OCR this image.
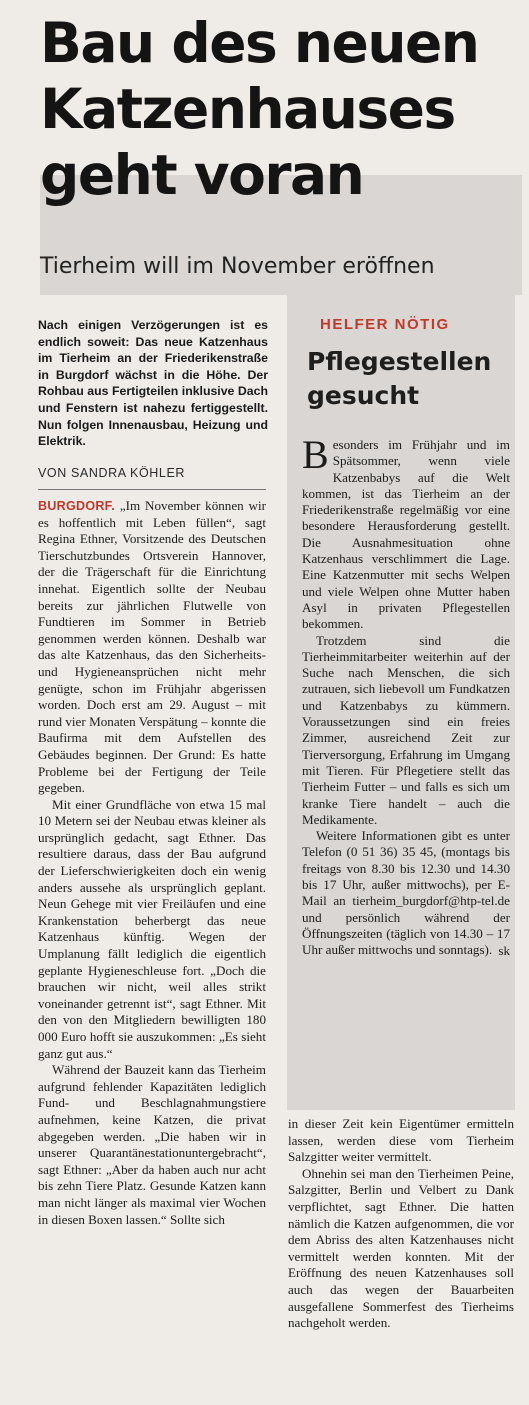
Bau des neuen
Katzenhauses
geht voran
Tierheim will im November eröffnen

Nach einigen Verzögerungen ist es endlich soweit: Das neue Katzenhaus im Tierheim an der Friederikenstraße in Burgdorf wächst in die Höhe. Der Rohbau aus Fertigteilen inklusive Dach und Fenstern ist nahezu fertiggestellt. Nun folgen Innenausbau, Heizung und Elektrik.

VON SANDRA KÖHLER

BURGDORF. „Im November können wir es hoffentlich mit Leben füllen“, sagt Regina Ethner, Vorsitzende des Deutschen Tierschutzbundes Ortsverein Hannover, der die Trägerschaft für die Einrichtung innehat. Eigentlich sollte der Neubau bereits zur jährlichen Flutwelle von Fundtieren im Sommer in Betrieb genommen werden können. Deshalb war das alte Katzenhaus, das den Sicherheits- und Hygieneansprüchen nicht mehr genügte, schon im Frühjahr abgerissen worden. Doch erst am 29. August – mit rund vier Monaten Verspätung – konnte die Baufirma mit dem Aufstellen des Gebäudes beginnen. Der Grund: Es hatte Probleme bei der Fertigung der Teile gegeben.

Mit einer Grundfläche von etwa 15 mal 10 Metern sei der Neubau etwas kleiner als ursprünglich gedacht, sagt Ethner. Das resultiere daraus, dass der Bau aufgrund der Lieferschwierigkeiten doch ein wenig anders aussehe als ursprünglich geplant. Neun Gehege mit vier Freiläufen und eine Krankenstation beherbergt das neue Katzenhaus künftig. Wegen der Umplanung fällt lediglich die eigentlich geplante Hygieneschleuse fort. „Doch die brauchen wir nicht, weil alles strikt voneinander getrennt ist“, sagt Ethner. Mit den von den Mitgliedern bewilligten 180 000 Euro hofft sie auszukommen: „Es sieht ganz gut aus.“

Während der Bauzeit kann das Tierheim aufgrund fehlender Kapazitäten lediglich Fund- und Beschlagnahmungstiere aufnehmen, keine Katzen, die privat abgegeben werden. „Die haben wir in unserer Quarantänestationuntergebracht“, sagt Ethner: „Aber da haben auch nur acht bis zehn Tiere Platz. Gesunde Katzen kann man nicht länger als maximal vier Wochen in diesen Boxen lassen.“ Sollte sich

HELFER NÖTIG
Pflegestellen
gesucht

Besonders im Frühjahr und im Spätsommer, wenn viele Katzenbabys auf die Welt kommen, ist das Tierheim an der Friederikenstraße regelmäßig vor eine besondere Herausforderung gestellt. Die Ausnahmesituation ohne Katzenhaus verschlimmert die Lage. Eine Katzenmutter mit sechs Welpen und viele Welpen ohne Mutter haben Asyl in privaten Pflegestellen bekommen.

Trotzdem sind die Tierheimmitarbeiter weiterhin auf der Suche nach Menschen, die sich zutrauen, sich liebevoll um Fundkatzen und Katzenbabys zu kümmern. Voraussetzungen sind ein freies Zimmer, ausreichend Zeit zur Tierversorgung, Erfahrung im Umgang mit Tieren. Für Pflegetiere stellt das Tierheim Futter – und falls es sich um kranke Tiere handelt – auch die Medikamente.

Weitere Informationen gibt es unter Telefon (0 51 36) 35 45, (montags bis freitags von 8.30 bis 12.30 und 14.30 bis 17 Uhr, außer mittwochs), per E-Mail an tierheim_burgdorf@htp-tel.de und persönlich während der Öffnungszeiten (täglich von 14.30 – 17 Uhr außer mittwochs und sonntags). sk

in dieser Zeit kein Eigentümer ermitteln lassen, werden diese vom Tierheim Salzgitter weiter vermittelt.

Ohnehin sei man den Tierheimen Peine, Salzgitter, Berlin und Velbert zu Dank verpflichtet, sagt Ethner. Die hatten nämlich die Katzen aufgenommen, die vor dem Abriss des alten Katzenhauses nicht vermittelt werden konnten. Mit der Eröffnung des neuen Katzenhauses soll auch das wegen der Bauarbeiten ausgefallene Sommerfest des Tierheims nachgeholt werden.
